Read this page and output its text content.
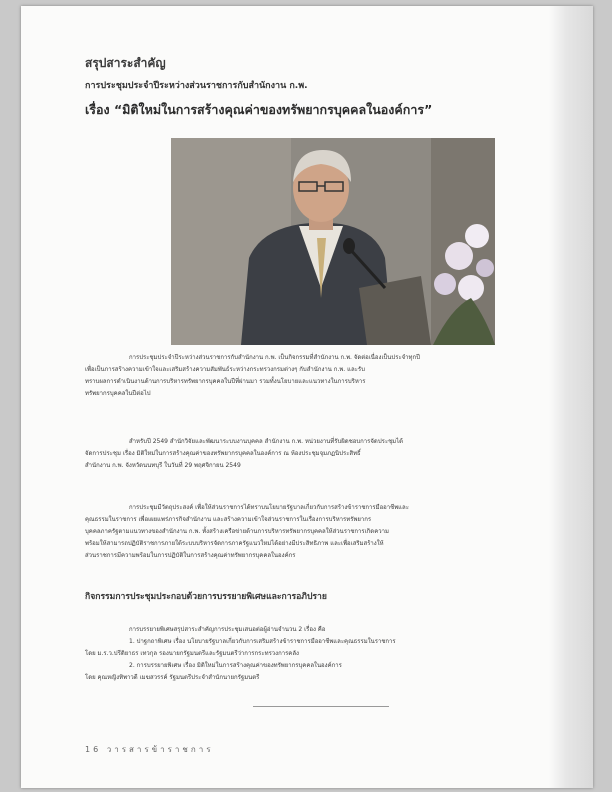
สรุปสาระสำคัญ
การประชุมประจำปีระหว่างส่วนราชการกับสำนักงาน ก.พ.
เรื่อง “มิติใหม่ในการสร้างคุณค่าของทรัพยากรบุคคลในองค์การ”
การประชุมประจำปีระหว่างส่วนราชการกับสำนักงาน ก.พ. เป็นกิจกรรมที่สำนักงาน ก.พ. จัดต่อเนื่องเป็นประจำทุกปี
เพื่อเป็นการสร้างความเข้าใจและเสริมสร้างความสัมพันธ์ระหว่างกระทรวงกรมต่างๆ กับสำนักงาน ก.พ. และรับ
ทราบผลการดำเนินงานด้านการบริหารทรัพยากรบุคคลในปีที่ผ่านมา รวมทั้งนโยบายและแนวทางในการบริหาร
ทรัพยากรบุคคลในปีต่อไป
สำหรับปี 2549 สำนักวิจัยและพัฒนาระบบงานบุคคล สำนักงาน ก.พ. หน่วยงานที่รับผิดชอบการจัดประชุมได้
จัดการประชุม เรื่อง มิติใหม่ในการสร้างคุณค่าของทรัพยากรบุคคลในองค์การ ณ ห้องประชุมจุมภฏนิประสิทธิ์
สำนักงาน ก.พ. จังหวัดนนทบุรี ในวันที่ 29 พฤศจิกายน 2549
การประชุมมีวัตถุประสงค์ เพื่อให้ส่วนราชการได้ทราบนโยบายรัฐบาลเกี่ยวกับการสร้างข้าราชการมืออาชีพและ
คุณธรรมในราชการ เพื่อเผยแพร่ภารกิจสำนักงาน และสร้างความเข้าใจส่วนราชการในเรื่องการบริหารทรัพยากร
บุคคลภาครัฐตามแนวทางของสำนักงาน ก.พ. ทั้งสร้างเครือข่ายด้านการบริหารทรัพยากรบุคคลให้ส่วนราชการเกิดความ
พร้อมให้สามารถปฏิบัติราชการภายใต้ระบบบริหารจัดการภาครัฐแนวใหม่ได้อย่างมีประสิทธิภาพ และเพื่อเสริมสร้างให้
ส่วนราชการมีความพร้อมในการปฏิบัติในการสร้างคุณค่าทรัพยากรบุคคลในองค์กร
กิจกรรมการประชุมประกอบด้วยการบรรยายพิเศษและการอภิปราย
การบรรยายพิเศษสรุปสาระสำคัญการประชุมเสนอต่อผู้อ่านจำนวน 2 เรื่อง คือ
1. ปาฐกถาพิเศษ เรื่อง นโยบายรัฐบาลเกี่ยวกับการเสริมสร้างข้าราชการมืออาชีพและคุณธรรมในราชการ
โดย ม.ร.ว.ปรีดิยาธร เทวกุล รองนายกรัฐมนตรีและรัฐมนตรีว่าการกระทรวงการคลัง
2. การบรรยายพิเศษ เรื่อง มิติใหม่ในการสร้างคุณค่าของทรัพยากรบุคคลในองค์การ
โดย คุณหญิงทิพาวดี เมฆสวรรค์ รัฐมนตรีประจำสำนักนายกรัฐมนตรี
16 วารสารข้าราชการ
